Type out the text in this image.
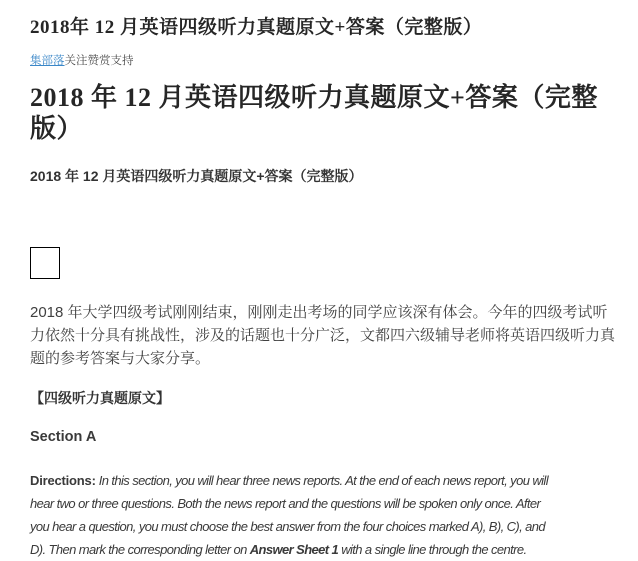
2018年 12 月英语四级听力真题原文+答案（完整版）
集部落关注赞赏支持
2018 年 12 月英语四级听力真题原文+答案（完整版）
2018 年 12 月英语四级听力真题原文+答案（完整版）

2018 年大学四级考试刚刚结束，刚刚走出考场的同学应该深有体会。今年的四级考试听力依然十分具有挑战性，涉及的话题也十分广泛，文都四六级辅导老师将英语四级听力真题的参考答案与大家分享。

【四级听力真题原文】
Section A
Directions: In this section, you will hear three news reports. At the end of each news report, you will
hear two or three questions. Both the news report and the questions will be spoken only once. After
you hear a question, you must choose the best answer from the four choices marked A), B), C), and
D). Then mark the corresponding letter on Answer Sheet 1 with a single line through the centre.
